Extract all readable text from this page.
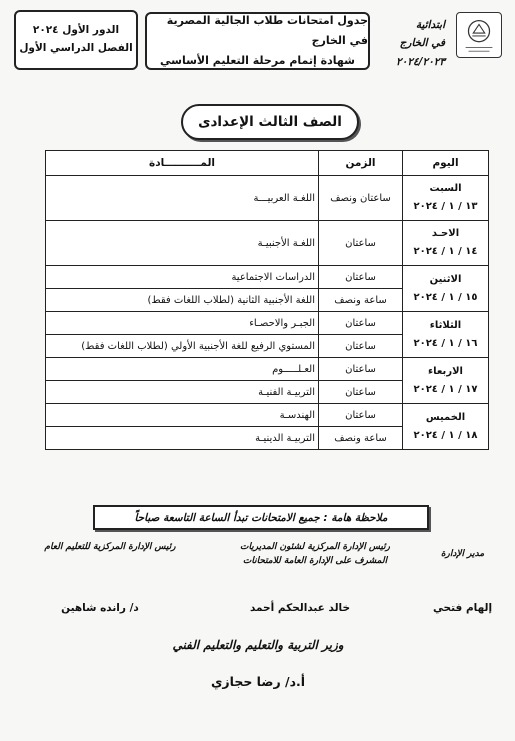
ابتدائية
في الخارج
٢٠٢٤/٢٠٢٣
جدول امتحانات طلاب الجالية المصرية في الخارج
شهادة إتمام مرحلة التعليم الأساسي
الدور الأول ٢٠٢٤
الفصل الدراسي الأول
الصف الثالث الإعدادى
اليوم	الزمن	المــــــــــادة

السبت
١٣ / ١ / ٢٠٢٤	ساعتان ونصف	اللغـة العربيـــة

الاحـد
١٤ / ١ / ٢٠٢٤	ساعتان	اللغـة الأجنبيـة

الاثنين
١٥ / ١ / ٢٠٢٤	ساعتان	الدراسات الاجتماعية
	ساعة ونصف	اللغة الأجنبية الثانية (لطلاب اللغات فقط)

الثلاثاء
١٦ / ١ / ٢٠٢٤	ساعتان	الجبـر والاحصـاء
	ساعتان	المستوي الرفيع للغة الأجنبية الأولي (لطلاب اللغات فقط)

الاربعاء
١٧ / ١ / ٢٠٢٤	ساعتان	العـلـــــوم
	ساعتان	التربيـة الفنيـة

الخميس
١٨ / ١ / ٢٠٢٤	ساعتان	الهندسـة
	ساعة ونصف	التربيـة الدينيـة
ملاحظة هامة : جميع الامتحانات تبدأ الساعة التاسعة صباحاً
مدير الإدارة
رئيس الإدارة المركزية لشئون المديريات
المشرف على الإدارة العامة للامتحانات
رئيس الإدارة المركزية للتعليم العام
إلهام فتحي
خالد عبدالحكم أحمد
د/ رانده شاهين
وزير التربية والتعليم والتعليم الفني
أ.د/ رضا حجازي
